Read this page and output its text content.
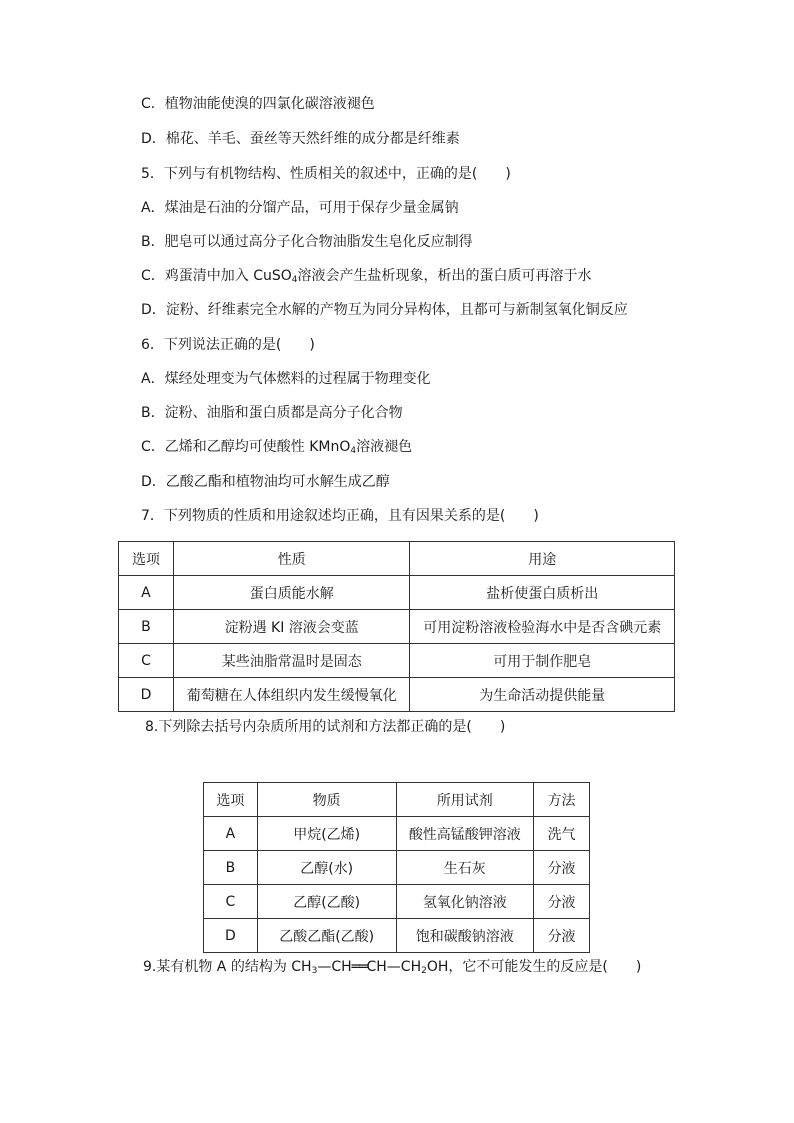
C．植物油能使溴的四氯化碳溶液褪色
D．棉花、羊毛、蚕丝等天然纤维的成分都是纤维素
5．下列与有机物结构、性质相关的叙述中，正确的是(　　)
A．煤油是石油的分馏产品，可用于保存少量金属钠
B．肥皂可以通过高分子化合物油脂发生皂化反应制得
C．鸡蛋清中加入 CuSO$_4$溶液会产生盐析现象，析出的蛋白质可再溶于水
D．淀粉、纤维素完全水解的产物互为同分异构体，且都可与新制氢氧化铜反应
6．下列说法正确的是(　　)
A．煤经处理变为气体燃料的过程属于物理变化
B．淀粉、油脂和蛋白质都是高分子化合物
C．乙烯和乙醇均可使酸性 KMnO$_4$溶液褪色
D．乙酸乙酯和植物油均可水解生成乙醇
7．下列物质的性质和用途叙述均正确，且有因果关系的是(　　)
选项	性质	用途
A	蛋白质能水解	盐析使蛋白质析出
B	淀粉遇 KI 溶液会变蓝	可用淀粉溶液检验海水中是否含碘元素
C	某些油脂常温时是固态	可用于制作肥皂
D	葡萄糖在人体组织内发生缓慢氧化	为生命活动提供能量
8.下列除去括号内杂质所用的试剂和方法都正确的是(　　)
选项	物质	所用试剂	方法
A	甲烷(乙烯)	酸性高锰酸钾溶液	洗气
B	乙醇(水)	生石灰	分液
C	乙醇(乙酸)	氢氧化钠溶液	分液
D	乙酸乙酯(乙酸)	饱和碳酸钠溶液	分液
9.某有机物 A 的结构为 $CH_3—CH══CH—CH_2OH$，它不可能发生的反应是(　　)
